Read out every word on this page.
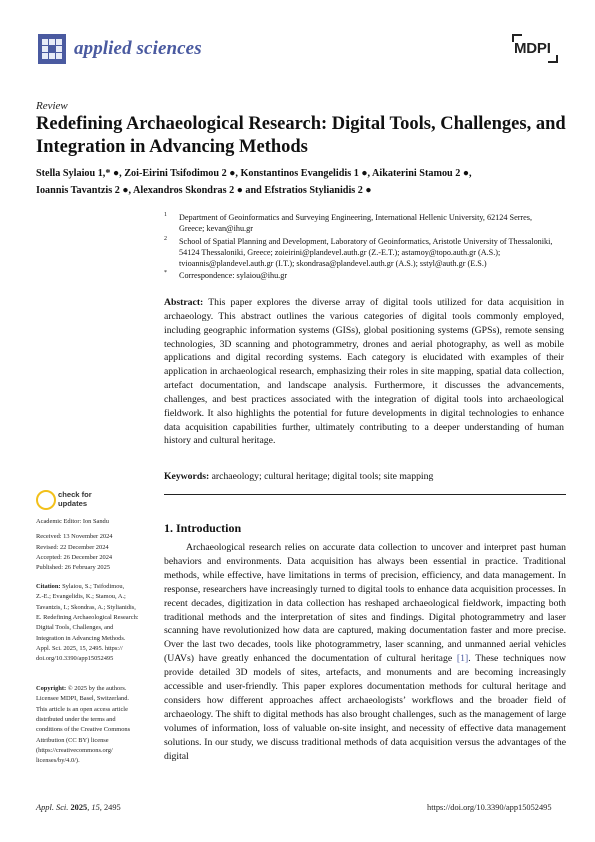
applied sciences	MDPI
Review
Redefining Archaeological Research: Digital Tools, Challenges, and Integration in Advancing Methods
Stella Sylaiou 1,* ●, Zoi-Eirini Tsifodimou 2 ●, Konstantinos Evangelidis 1 ●, Aikaterini Stamou 2 ●,
Ioannis Tavantzis 2 ●, Alexandros Skondras 2 ● and Efstratios Stylianidis 2 ●
1 Department of Geoinformatics and Surveying Engineering, International Hellenic University, 62124 Serres, Greece; kevan@ihu.gr
2 School of Spatial Planning and Development, Laboratory of Geoinformatics, Aristotle University of Thessaloniki, 54124 Thessaloniki, Greece; zoieirini@plandevel.auth.gr (Z.-E.T.); astamoy@topo.auth.gr (A.S.); tvioannis@plandevel.auth.gr (I.T.); skondrasa@plandevel.auth.gr (A.S.); sstyl@auth.gr (E.S.)
* Correspondence: sylaiou@ihu.gr
Abstract: This paper explores the diverse array of digital tools utilized for data acquisition in archaeology. This abstract outlines the various categories of digital tools commonly employed, including geographic information systems (GISs), global positioning systems (GPSs), remote sensing technologies, 3D scanning and photogrammetry, drones and aerial photography, as well as mobile applications and digital recording systems. Each category is elucidated with examples of their application in archaeological research, emphasizing their roles in site mapping, spatial data collection, artefact documentation, and landscape analysis. Furthermore, it discusses the advancements, challenges, and best practices associated with the integration of digital tools into archaeological fieldwork. It also highlights the potential for future developments in digital technologies to enhance data acquisition capabilities further, ultimately contributing to a deeper understanding of human history and cultural heritage.
Keywords: archaeology; cultural heritage; digital tools; site mapping
check for
updates
Academic Editor: Ion Sandu
Received: 13 November 2024
Revised: 22 December 2024
Accepted: 26 December 2024
Published: 26 February 2025
Citation: Sylaiou, S.; Tsifodimou,
Z.-E.; Evangelidis, K.; Stamou, A.;
Tavantzis, I.; Skondras, A.; Stylianidis,
E. Redefining Archaeological Research:
Digital Tools, Challenges, and
Integration in Advancing Methods.
Appl. Sci. 2025, 15, 2495. https://
doi.org/10.3390/app15052495
Copyright: © 2025 by the authors.
Licensee MDPI, Basel, Switzerland.
This article is an open access article
distributed under the terms and
conditions of the Creative Commons
Attribution (CC BY) license
(https://creativecommons.org/
licenses/by/4.0/).
1. Introduction
Archaeological research relies on accurate data collection to uncover and interpret past human behaviors and environments. Data acquisition has always been essential in practice. Traditional methods, while effective, have limitations in terms of precision, efficiency, and data management. In response, researchers have increasingly turned to digital tools to enhance data acquisition processes. In recent decades, digitization in data collection has reshaped archaeological fieldwork, impacting both traditional methods and the interpretation of sites and findings. Digital photogrammetry and laser scanning have revolutionized how data are captured, making documentation faster and more precise. Over the last two decades, tools like photogrammetry, laser scanning, and unmanned aerial vehicles (UAVs) have greatly enhanced the documentation of cultural heritage [1]. These techniques now provide detailed 3D models of sites, artefacts, and monuments and are becoming increasingly accessible and user-friendly. This paper explores documentation methods for cultural heritage and considers how different approaches affect archaeologists’ workflows and the broader field of archaeology. The shift to digital methods has also brought challenges, such as the management of large volumes of information, loss of valuable on-site insight, and necessity of effective data management solutions. In our study, we discuss traditional methods of data acquisition versus the advantages of the digital
Appl. Sci. 2025, 15, 2495	https://doi.org/10.3390/app15052495
